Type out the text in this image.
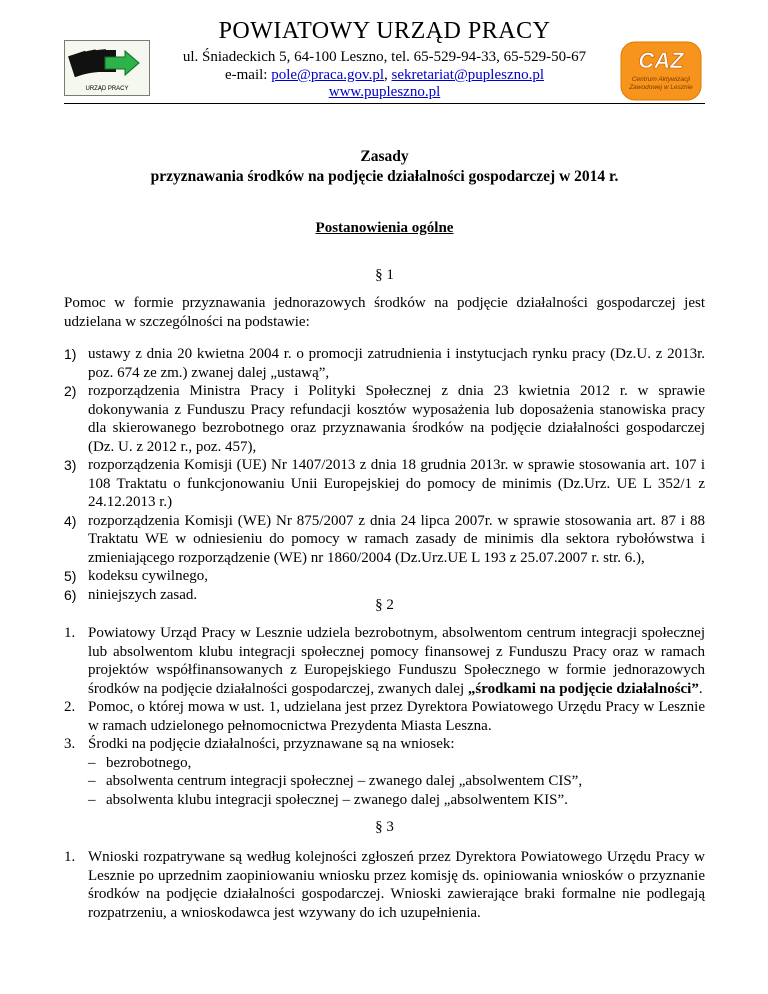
URZĄD PRACY
POWIATOWY URZĄD PRACY
ul. Śniadeckich 5, 64-100 Leszno, tel. 65-529-94-33, 65-529-50-67
e-mail: pole@praca.gov.pl, sekretariat@pupleszno.pl
www.pupleszno.pl
CAZ
Centrum Aktywizacji
Zawodowej w Lesznie
Zasady
przyznawania środków na podjęcie działalności gospodarczej w 2014 r.
Postanowienia ogólne
§ 1
Pomoc w formie przyznawania jednorazowych środków na podjęcie działalności gospodarczej jest udzielana w szczególności na podstawie:
1) ustawy z dnia 20 kwietna 2004 r. o promocji zatrudnienia i instytucjach rynku pracy (Dz.U. z 2013r. poz. 674 ze zm.) zwanej dalej „ustawą”,
2) rozporządzenia Ministra Pracy i Polityki Społecznej z dnia 23 kwietnia 2012 r. w sprawie dokonywania z Funduszu Pracy refundacji kosztów wyposażenia lub doposażenia stanowiska pracy dla skierowanego bezrobotnego oraz przyznawania środków na podjęcie działalności gospodarczej (Dz. U. z 2012 r., poz. 457),
3) rozporządzenia Komisji (UE) Nr 1407/2013 z dnia 18 grudnia 2013r. w sprawie stosowania art. 107 i 108 Traktatu o funkcjonowaniu Unii Europejskiej do pomocy de minimis (Dz.Urz. UE L 352/1 z 24.12.2013 r.)
4) rozporządzenia Komisji (WE) Nr 875/2007 z dnia 24 lipca 2007r. w sprawie stosowania art. 87 i 88 Traktatu WE w odniesieniu do pomocy w ramach zasady de minimis dla sektora rybołówstwa i zmieniającego rozporządzenie (WE) nr 1860/2004 (Dz.Urz.UE L 193 z 25.07.2007 r. str. 6.),
5) kodeksu cywilnego,
6) niniejszych zasad.
§ 2
1. Powiatowy Urząd Pracy w Lesznie udziela bezrobotnym, absolwentom centrum integracji społecznej lub absolwentom klubu integracji społecznej pomocy finansowej z Funduszu Pracy oraz w ramach projektów współfinansowanych z Europejskiego Funduszu Społecznego w formie jednorazowych środków na podjęcie działalności gospodarczej, zwanych dalej „środkami na podjęcie działalności”.
2. Pomoc, o której mowa w ust. 1, udzielana jest przez Dyrektora Powiatowego Urzędu Pracy w Lesznie w ramach udzielonego pełnomocnictwa Prezydenta Miasta Leszna.
3. Środki na podjęcie działalności, przyznawane są na wniosek:
– bezrobotnego,
– absolwenta centrum integracji społecznej – zwanego dalej „absolwentem CIS”,
– absolwenta klubu integracji społecznej – zwanego dalej „absolwentem KIS”.
§ 3
1. Wnioski rozpatrywane są według kolejności zgłoszeń przez Dyrektora Powiatowego Urzędu Pracy w Lesznie po uprzednim zaopiniowaniu wniosku przez komisję ds. opiniowania wniosków o przyznanie środków na podjęcie działalności gospodarczej. Wnioski zawierające braki formalne nie podlegają rozpatrzeniu, a wnioskodawca jest wzywany do ich uzupełnienia.
